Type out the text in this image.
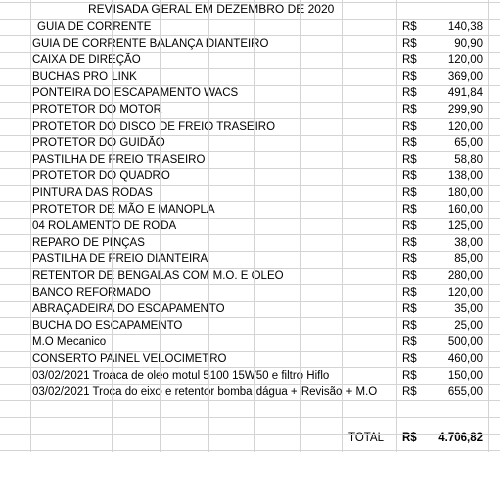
REVISADA GERAL EM DEZEMBRO DE 2020
GUIA DE CORRENTE	R$	140,38
GUIA DE CORRENTE BALANÇA DIANTEIRO	R$	90,90
CAIXA DE DIREÇÃO	R$	120,00
BUCHAS PRO LINK	R$	369,00
PONTEIRA DO ESCAPAMENTO WACS	R$	491,84
PROTETOR DO MOTOR	R$	299,90
PROTETOR DO DISCO DE FREIO TRASEIRO	R$	120,00
PROTETOR DO GUIDÃO	R$	65,00
PASTILHA DE FREIO TRASEIRO	R$	58,80
PROTETOR DO QUADRO	R$	138,00
PINTURA DAS RODAS	R$	180,00
PROTETOR DE MÃO E MANOPLA	R$	160,00
04 ROLAMENTO DE RODA	R$	125,00
REPARO DE PINÇAS	R$	38,00
PASTILHA DE FREIO DIANTEIRA	R$	85,00
RETENTOR DE BENGALAS COM M.O. E OLEO	R$	280,00
BANCO REFORMADO	R$	120,00
ABRAÇADEIRA DO ESCAPAMENTO	R$	35,00
BUCHA DO ESCAPAMENTO	R$	25,00
M.O Mecanico	R$	500,00
CONSERTO PAINEL VELOCIMETRO	R$	460,00
03/02/2021 Troaca de oleo motul 5100 15W50 e filtro Hiflo	R$	150,00
03/02/2021 Troca do eixo e retentor bomba dágua + Revisão + M.O R$	655,00
TOTAL R$	4.706,82
